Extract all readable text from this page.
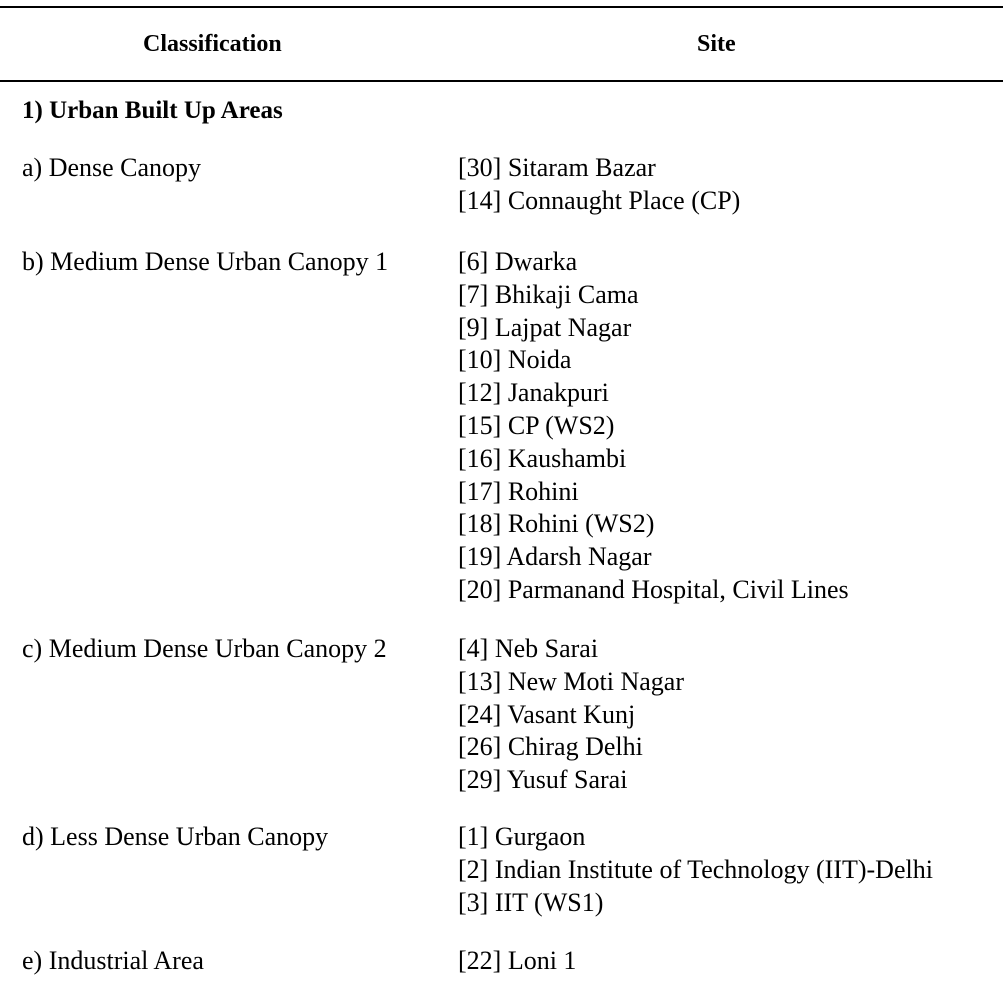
Classification	Site
1) Urban Built Up Areas
a) Dense Canopy	[30] Sitaram Bazar
[14] Connaught Place (CP)
b) Medium Dense Urban Canopy 1	[6] Dwarka
[7] Bhikaji Cama
[9] Lajpat Nagar
[10] Noida
[12] Janakpuri
[15] CP (WS2)
[16] Kaushambi
[17] Rohini
[18] Rohini (WS2)
[19] Adarsh Nagar
[20] Parmanand Hospital, Civil Lines
c) Medium Dense Urban Canopy 2	[4] Neb Sarai
[13] New Moti Nagar
[24] Vasant Kunj
[26] Chirag Delhi
[29] Yusuf Sarai
d) Less Dense Urban Canopy	[1] Gurgaon
[2] Indian Institute of Technology (IIT)-Delhi
[3] IIT (WS1)
e) Industrial Area	[22] Loni 1
